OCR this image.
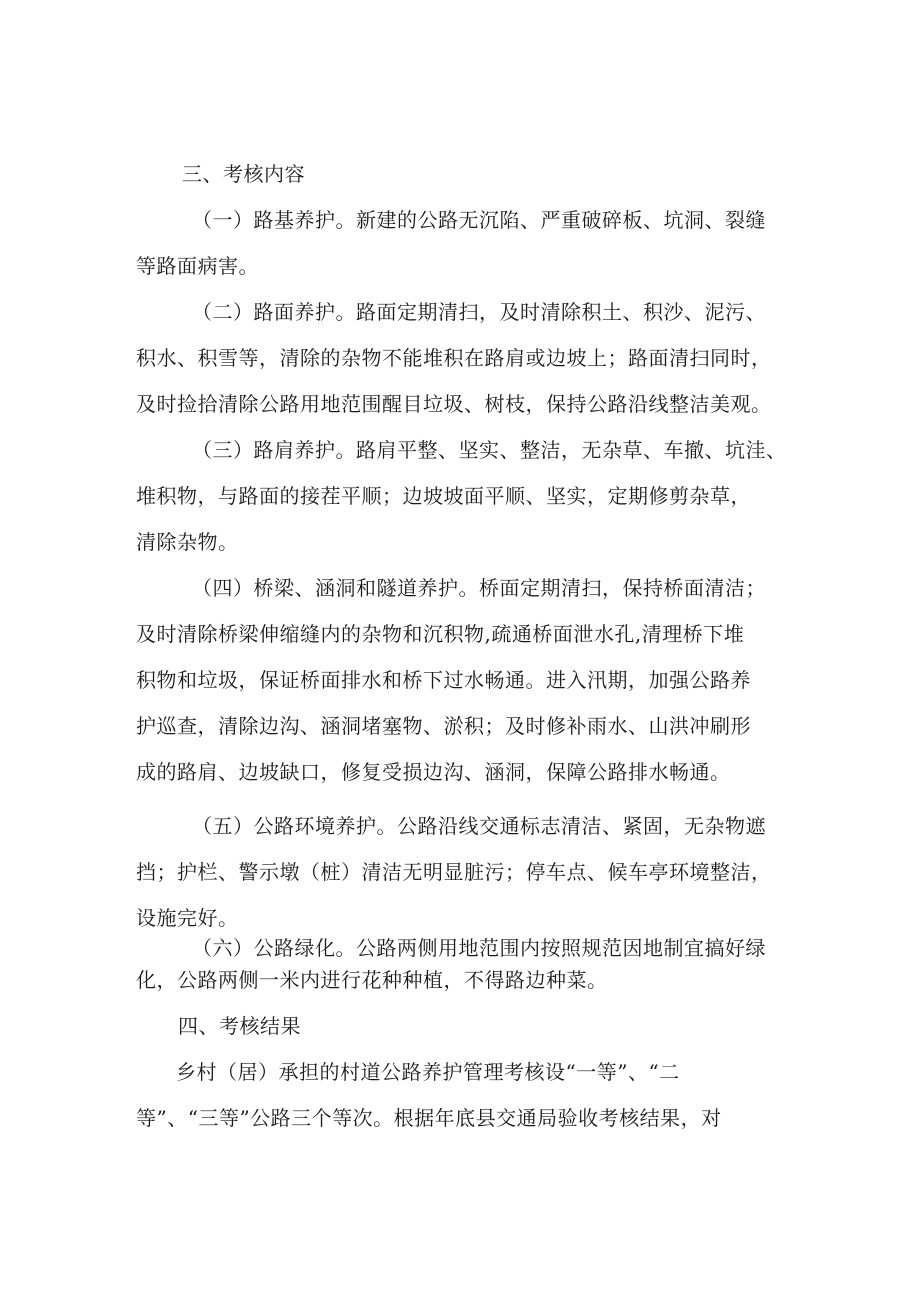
三、考核内容
（一）路基养护。新建的公路无沉陷、严重破碎板、坑洞、裂缝
等路面病害。
（二）路面养护。路面定期清扫，及时清除积土、积沙、泥污、
积水、积雪等，清除的杂物不能堆积在路肩或边坡上；路面清扫同时，
及时捡拾清除公路用地范围醒目垃圾、树枝，保持公路沿线整洁美观。
（三）路肩养护。路肩平整、坚实、整洁，无杂草、车撤、坑洼、
堆积物，与路面的接茬平顺；边坡坡面平顺、坚实，定期修剪杂草，
清除杂物。
（四）桥梁、涵洞和隧道养护。桥面定期清扫，保持桥面清洁；
及时清除桥梁伸缩缝内的杂物和沉积物,疏通桥面泄水孔,清理桥下堆
积物和垃圾，保证桥面排水和桥下过水畅通。进入汛期，加强公路养
护巡查，清除边沟、涵洞堵塞物、淤积；及时修补雨水、山洪冲刷形
成的路肩、边坡缺口，修复受损边沟、涵洞，保障公路排水畅通。
（五）公路环境养护。公路沿线交通标志清洁、紧固，无杂物遮
挡；护栏、警示墩（桩）清洁无明显脏污；停车点、候车亭环境整洁，
设施完好。
（六）公路绿化。公路两侧用地范围内按照规范因地制宜搞好绿
化，公路两侧一米内进行花种种植，不得路边种菜。
四、考核结果
乡村（居）承担的村道公路养护管理考核设“一等”、“二
等”、“三等”公路三个等次。根据年底县交通局验收考核结果，对
